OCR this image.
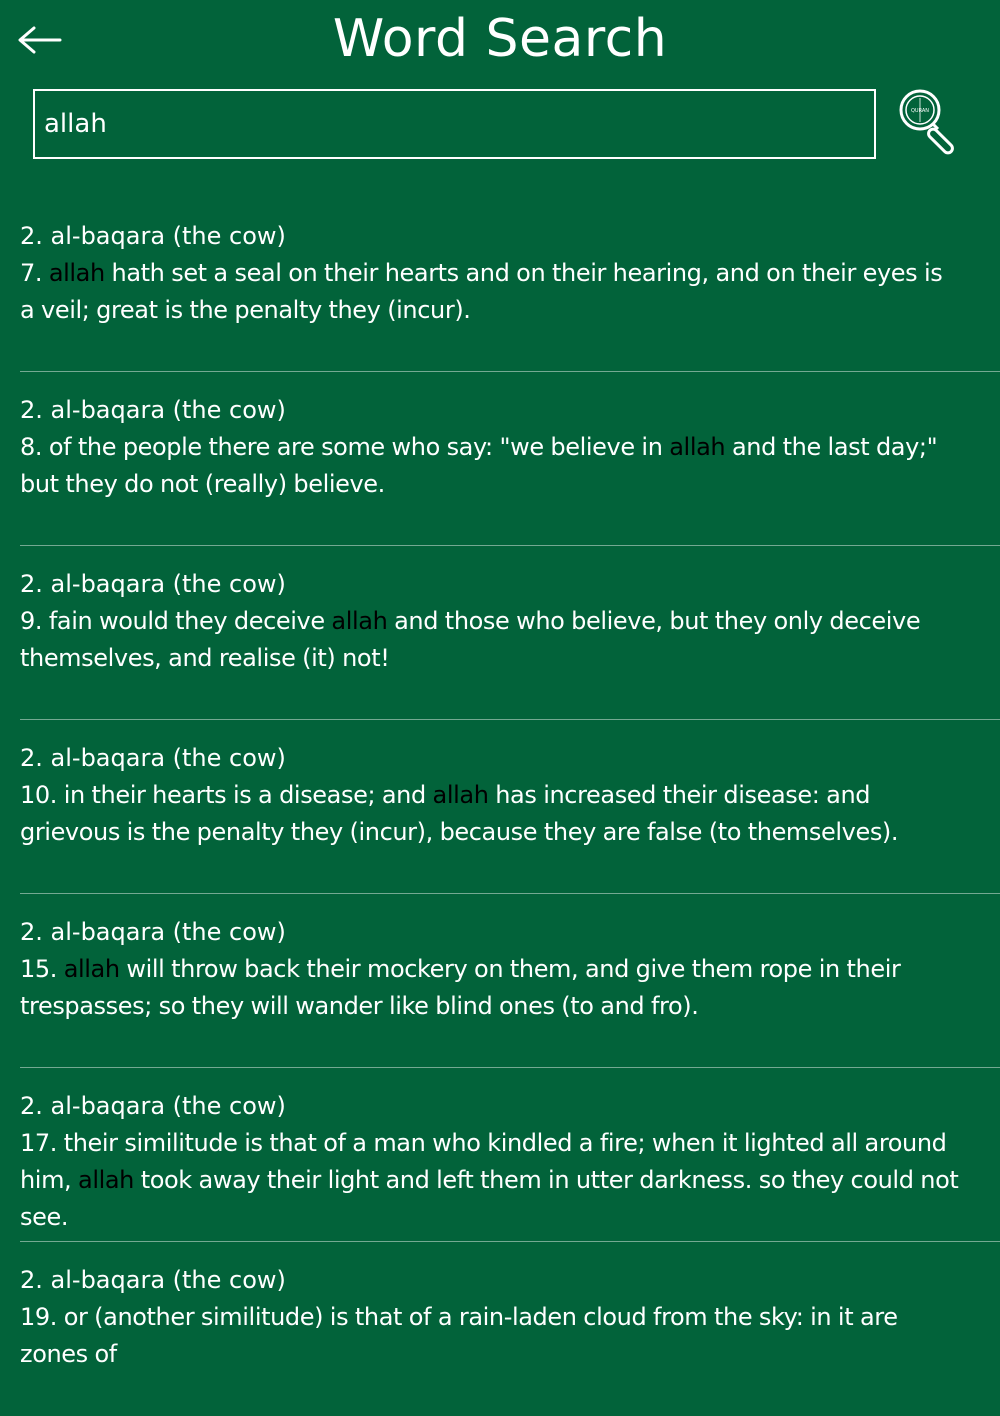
Word Search
allah
QURAN
2. al-baqara (the cow)
7. allah hath set a seal on their hearts and on their hearing, and on their eyes is a veil; great is the penalty they (incur).
2. al-baqara (the cow)
8. of the people there are some who say: "we believe in allah and the last day;" but they do not (really) believe.
2. al-baqara (the cow)
9. fain would they deceive allah and those who believe, but they only deceive themselves, and realise (it) not!
2. al-baqara (the cow)
10. in their hearts is a disease; and allah has increased their disease: and grievous is the penalty they (incur), because they are false (to themselves).
2. al-baqara (the cow)
15. allah will throw back their mockery on them, and give them rope in their trespasses; so they will wander like blind ones (to and fro).
2. al-baqara (the cow)
17. their similitude is that of a man who kindled a fire; when it lighted all around him, allah took away their light and left them in utter darkness. so they could not see.
2. al-baqara (the cow)
19. or (another similitude) is that of a rain-laden cloud from the sky: in it are zones of
